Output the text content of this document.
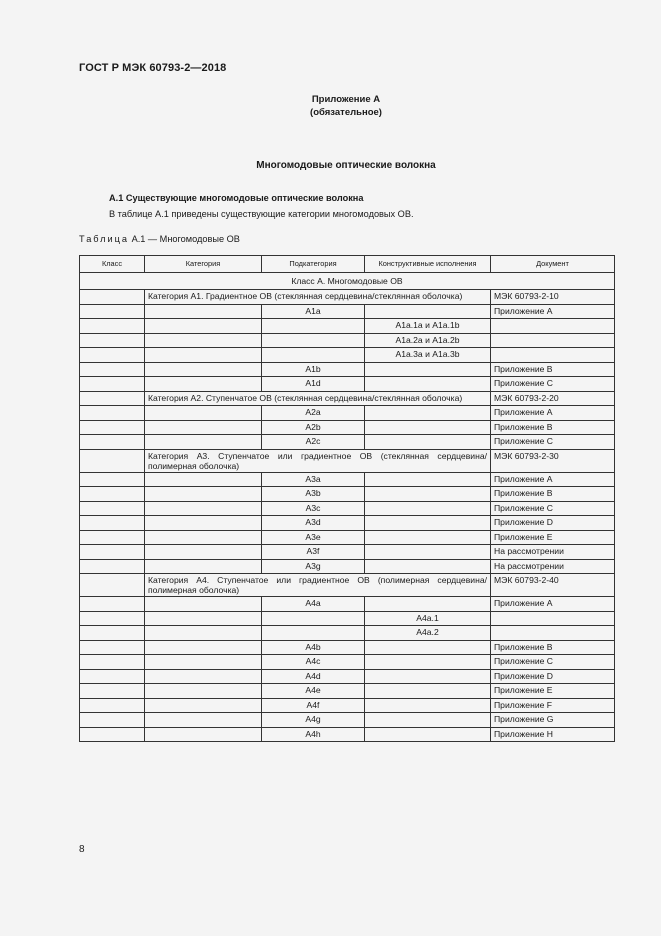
ГОСТ Р МЭК 60793-2—2018
Приложение А
(обязательное)
Многомодовые оптические волокна
А.1 Существующие многомодовые оптические волокна
В таблице А.1 приведены существующие категории многомодовых ОВ.
Таблица А.1 — Многомодовые ОВ
Класс	Категория	Подкатегория	Конструктивные исполнения	Документ
Класс А. Многомодовые ОВ				
	Категория А1. Градиентное ОВ (стеклянная сердцевина/стеклянная оболочка)			МЭК 60793-2-10
		A1a		Приложение А
			A1a.1a и A1a.1b	
			A1a.2a и A1a.2b	
			A1a.3a и A1a.3b	
		A1b		Приложение В
		A1d		Приложение С
	Категория А2. Ступенчатое ОВ (стеклянная сердцевина/стеклянная оболочка)			МЭК 60793-2-20
		A2a		Приложение А
		A2b		Приложение В
		A2c		Приложение С
	Категория А3. Ступенчатое или градиентное ОВ (стеклянная сердцевина/полимерная оболочка)			МЭК 60793-2-30
		A3a		Приложение А
		A3b		Приложение В
		A3c		Приложение С
		A3d		Приложение D
		A3e		Приложение Е
		A3f		На рассмотрении
		A3g		На рассмотрении
	Категория А4. Ступенчатое или градиентное ОВ (полимерная сердцевина/полимерная оболочка)			МЭК 60793-2-40
		A4a		Приложение А
			A4a.1	
			A4a.2	
		A4b		Приложение В
		A4c		Приложение С
		A4d		Приложение D
		A4e		Приложение Е
		A4f		Приложение F
		A4g		Приложение G
		A4h		Приложение Н
8
